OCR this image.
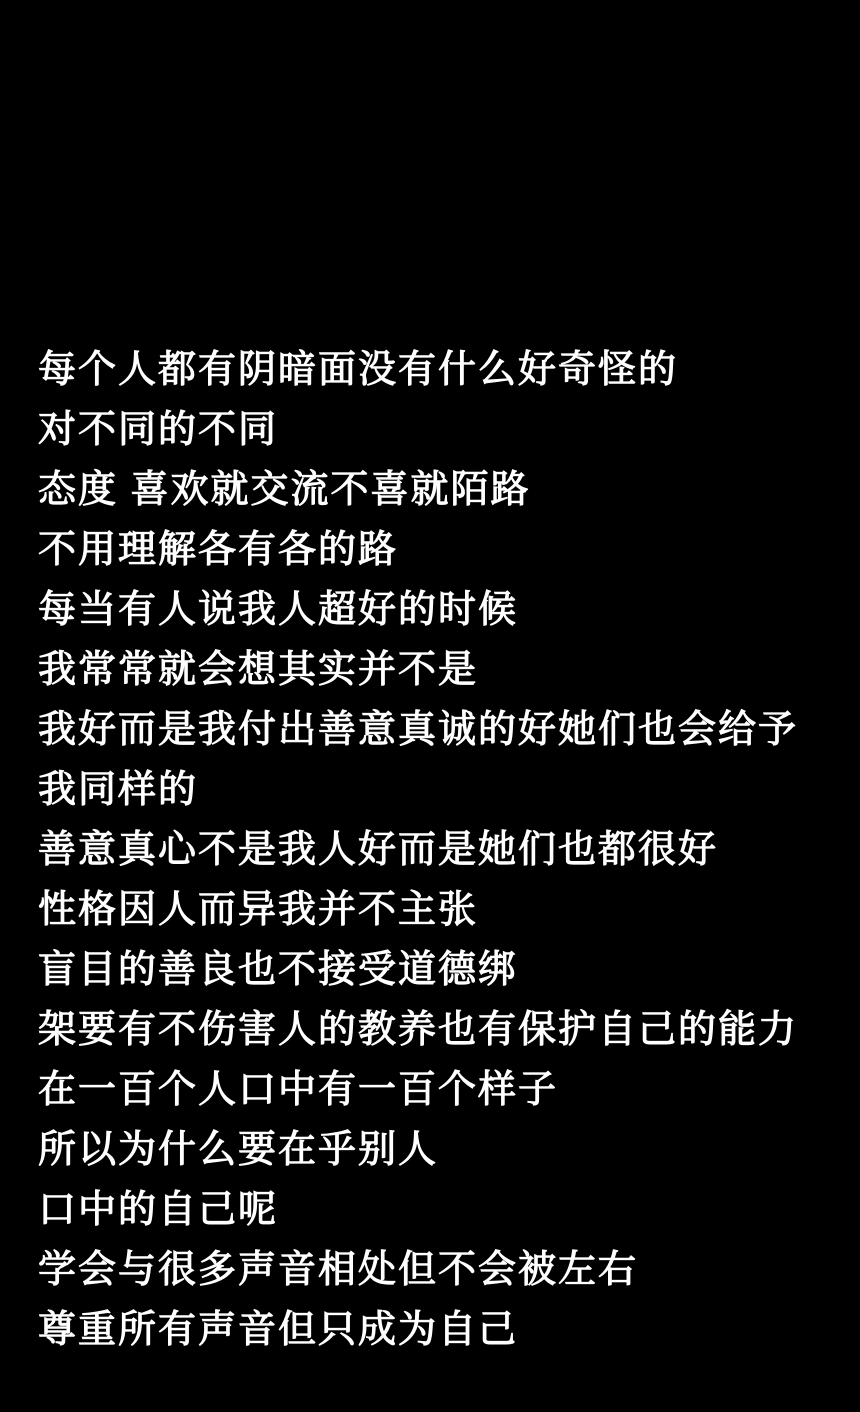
每个人都有阴暗面没有什么好奇怪的

对不同的不同

态度 喜欢就交流不喜就陌路

不用理解各有各的路

每当有人说我人超好的时候

我常常就会想其实并不是

我好而是我付出善意真诚的好她们也会给予

我同样的

善意真心不是我人好而是她们也都很好

性格因人而异我并不主张

盲目的善良也不接受道德绑

架要有不伤害人的教养也有保护自己的能力

在一百个人口中有一百个样子

所以为什么要在乎别人

口中的自己呢

学会与很多声音相处但不会被左右

尊重所有声音但只成为自己
